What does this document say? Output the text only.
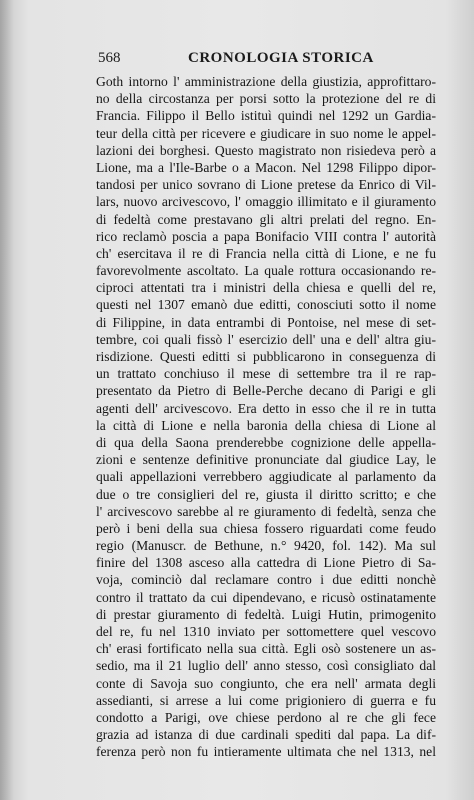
568	CRONOLOGIA STORICA
Goth intorno l' amministrazione della giustizia, approfittaro-
no della circostanza per porsi sotto la protezione del re di
Francia. Filippo il Bello istituì quindi nel 1292 un Gardia-
teur della città per ricevere e giudicare in suo nome le appel-
lazioni dei borghesi. Questo magistrato non risiedeva però a
Lione, ma a l'Ile-Barbe o a Macon. Nel 1298 Filippo dipor-
tandosi per unico sovrano di Lione pretese da Enrico di Vil-
lars, nuovo arcivescovo, l' omaggio illimitato e il giuramento
di fedeltà come prestavano gli altri prelati del regno. En-
rico reclamò poscia a papa Bonifacio VIII contra l' autorità
ch' esercitava il re di Francia nella città di Lione, e ne fu
favorevolmente ascoltato. La quale rottura occasionando re-
ciproci attentati tra i ministri della chiesa e quelli del re,
questi nel 1307 emanò due editti, conosciuti sotto il nome
di Filippine, in data entrambi di Pontoise, nel mese di set-
tembre, coi quali fissò l' esercizio dell' una e dell' altra giu-
risdizione. Questi editti si pubblicarono in conseguenza di
un trattato conchiuso il mese di settembre tra il re rap-
presentato da Pietro di Belle-Perche decano di Parigi e gli
agenti dell' arcivescovo. Era detto in esso che il re in tutta
la città di Lione e nella baronia della chiesa di Lione al
di qua della Saona prenderebbe cognizione delle appella-
zioni e sentenze definitive pronunciate dal giudice Lay, le
quali appellazioni verrebbero aggiudicate al parlamento da
due o tre consiglieri del re, giusta il diritto scritto; e che
l' arcivescovo sarebbe al re giuramento di fedeltà, senza che
però i beni della sua chiesa fossero riguardati come feudo
regio (Manuscr. de Bethune, n.° 9420, fol. 142). Ma sul
finire del 1308 asceso alla cattedra di Lione Pietro di Sa-
voja, cominciò dal reclamare contro i due editti nonchè
contro il trattato da cui dipendevano, e ricusò ostinatamente
di prestar giuramento di fedeltà. Luigi Hutin, primogenito
del re, fu nel 1310 inviato per sottomettere quel vescovo
ch' erasi fortificato nella sua città. Egli osò sostenere un as-
sedio, ma il 21 luglio dell' anno stesso, così consigliato dal
conte di Savoja suo congiunto, che era nell' armata degli
assedianti, si arrese a lui come prigioniero di guerra e fu
condotto a Parigi, ove chiese perdono al re che gli fece
grazia ad istanza di due cardinali spediti dal papa. La dif-
ferenza però non fu intieramente ultimata che nel 1313, nel
